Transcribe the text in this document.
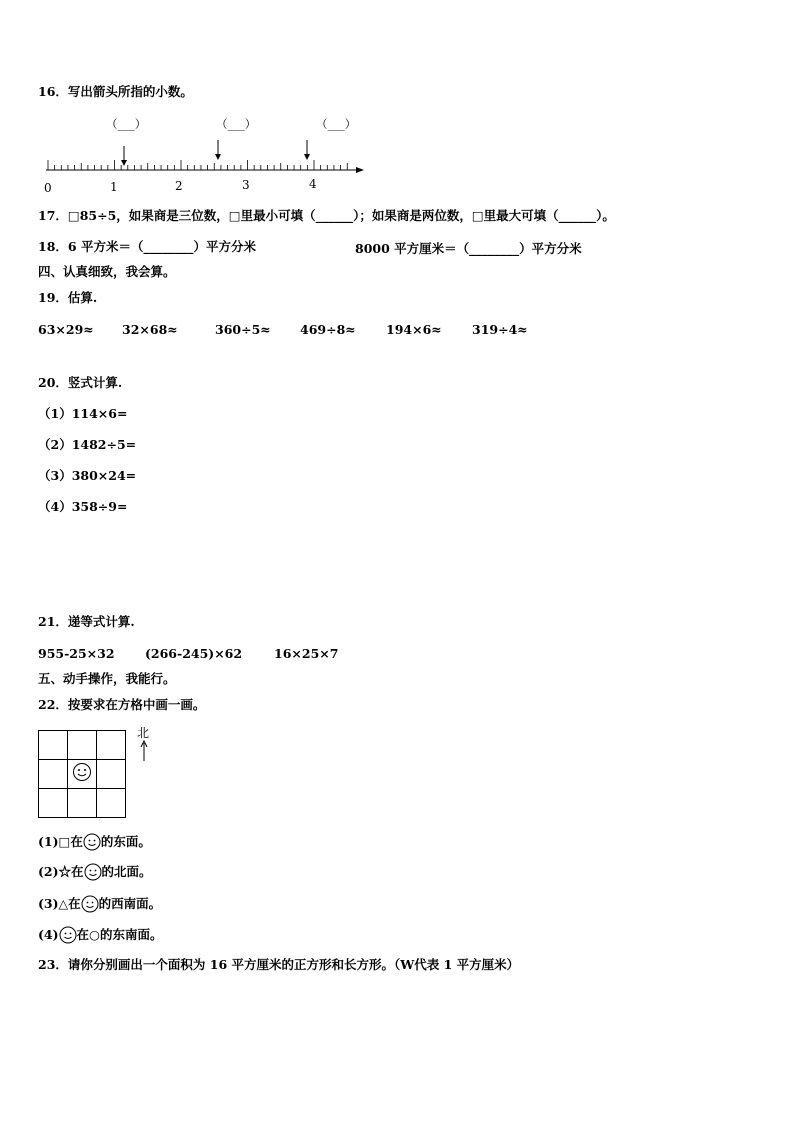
16．写出箭头所指的小数。
（___）	（___）	（___）
0	1	2	3	4
17．□85÷5，如果商是三位数，□里最小可填（______）；如果商是两位数，□里最大可填（______）。
18．6 平方米＝（________）平方分米	8000 平方厘米＝（________）平方分米
四、认真细致，我会算。
19．估算.
63×29≈ 32×68≈	360÷5≈ 469÷8≈ 194×6≈ 319÷4≈
20．竖式计算.
（1）114×6=
（2）1482÷5=
（3）380×24=
（4）358÷9=
21．递等式计算.
955-25×32 (266-245)×62	16×25×7
五、动手操作，我能行。
22．按要求在方格中画一画。

北
(1)□在 的东面。
(2)☆在 的北面。
(3)△在 的西南面。
(4) 在○的东南面。
23．请你分别画出一个面积为 16 平方厘米的正方形和长方形。（W代表 1 平方厘米）
